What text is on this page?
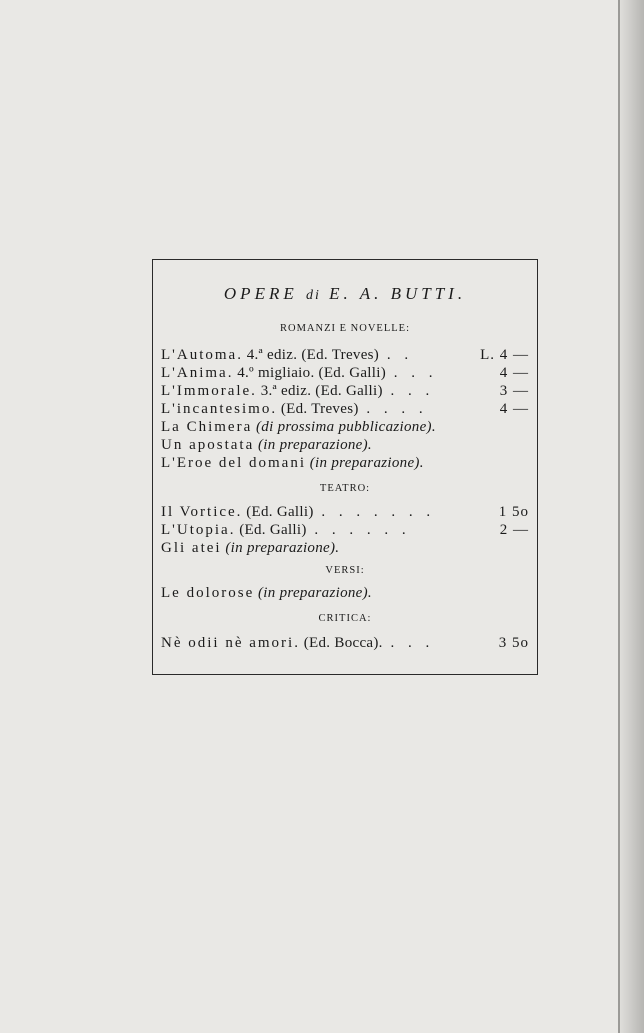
OPERE di E. A. BUTTI.
ROMANZI E NOVELLE:
L'Automa. 4.ª ediz. (Ed. Treves) . .	L. 4 —
L'Anima. 4.º migliaio. (Ed. Galli) . . .	4 —
L'Immorale. 3.ª ediz. (Ed. Galli) . . .	3 —
L'incantesimo. (Ed. Treves) . . . .	4 —
La Chimera (di prossima pubblicazione).
Un apostata (in preparazione).
L'Eroe del domani (in preparazione).
TEATRO:
Il Vortice. (Ed. Galli) . . . . . . .	1 5o
L'Utopia. (Ed. Galli) . . . . . .	2 —
Gli atei (in preparazione).
VERSI:
Le dolorose (in preparazione).
CRITICA:
Nè odii nè amori. (Ed. Bocca). . . .	3 5o
